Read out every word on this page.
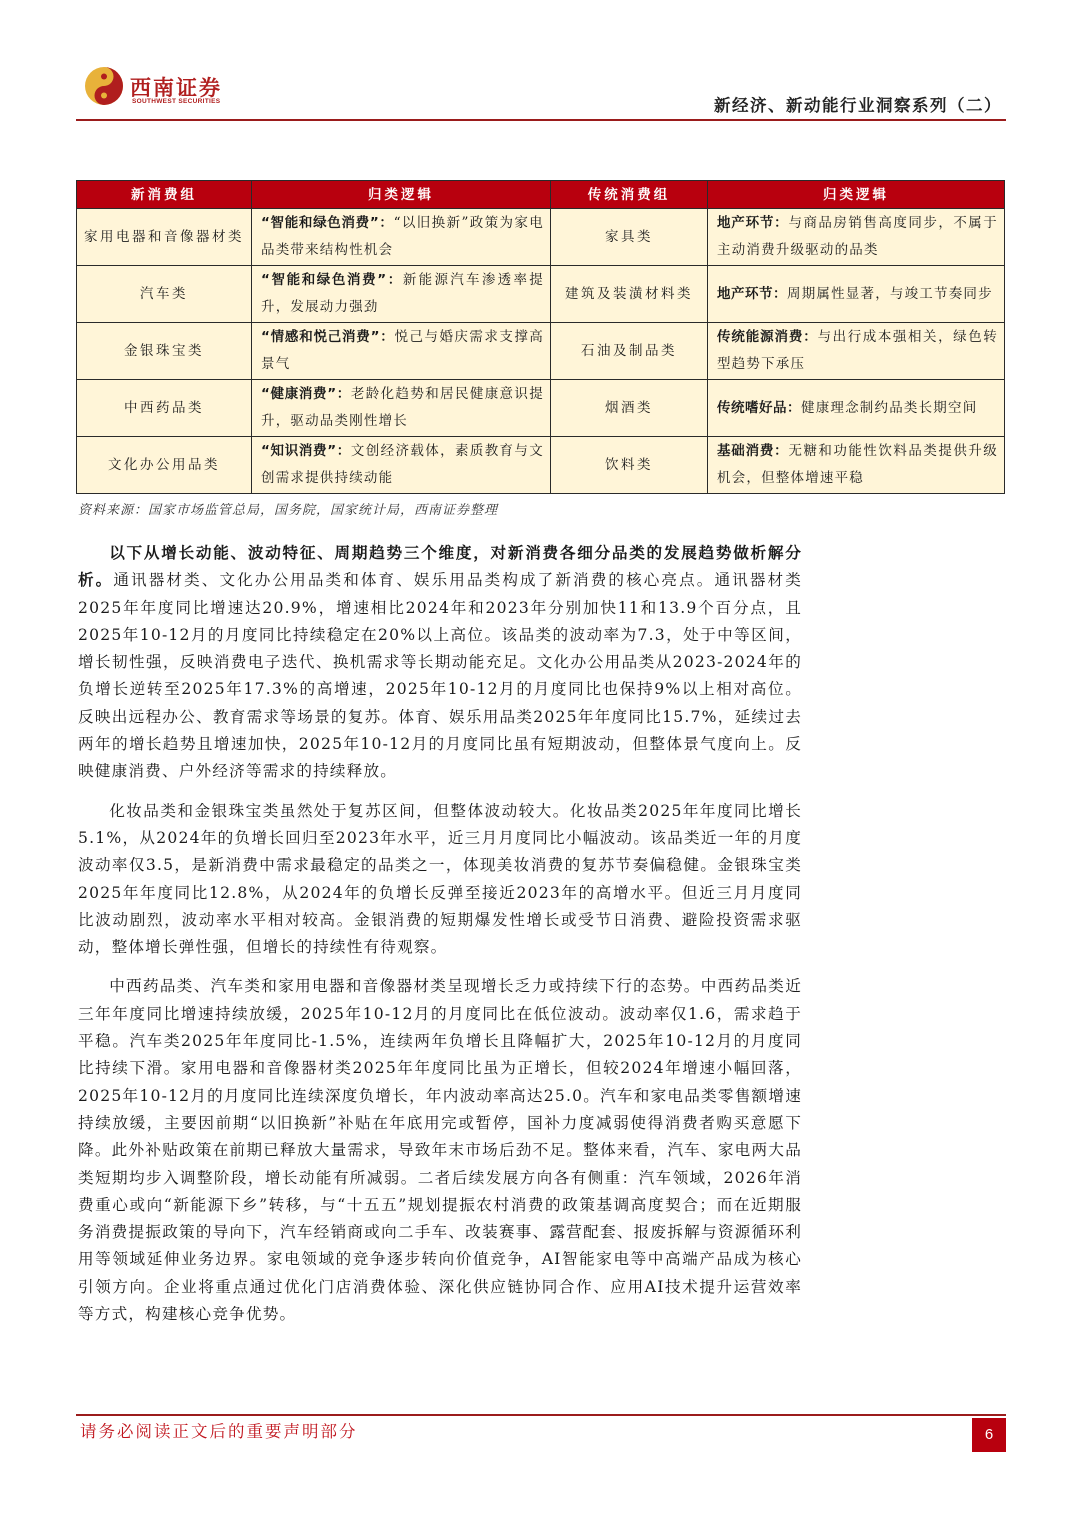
西南证券
SOUTHWEST SECURITIES	新经济、新动能行业洞察系列（二）
新消费组	归类逻辑	传统消费组	归类逻辑
家用电器和音像器材类	“智能和绿色消费”：“以旧换新”政策为家电品类带来结构性机会	家具类	地产环节：与商品房销售高度同步，不属于主动消费升级驱动的品类
汽车类	“智能和绿色消费”：新能源汽车渗透率提升，发展动力强劲	建筑及装潢材料类	地产环节：周期属性显著，与竣工节奏同步
金银珠宝类	“情感和悦己消费”：悦己与婚庆需求支撑高景气	石油及制品类	传统能源消费：与出行成本强相关，绿色转型趋势下承压
中西药品类	“健康消费”：老龄化趋势和居民健康意识提升，驱动品类刚性增长	烟酒类	传统嗜好品：健康理念制约品类长期空间
文化办公用品类	“知识消费”：文创经济载体，素质教育与文创需求提供持续动能	饮料类	基础消费：无糖和功能性饮料品类提供升级机会，但整体增速平稳
资料来源：国家市场监管总局，国务院，国家统计局，西南证券整理

以下从增长动能、波动特征、周期趋势三个维度，对新消费各细分品类的发展趋势做析解分析。通讯器材类、文化办公用品类和体育、娱乐用品类构成了新消费的核心亮点。通讯器材类2025年年度同比增速达20.9%，增速相比2024年和2023年分别加快11和13.9个百分点，且2025年10-12月的月度同比持续稳定在20%以上高位。该品类的波动率为7.3，处于中等区间，增长韧性强，反映消费电子迭代、换机需求等长期动能充足。文化办公用品类从2023-2024年的负增长逆转至2025年17.3%的高增速，2025年10-12月的月度同比也保持9%以上相对高位。反映出远程办公、教育需求等场景的复苏。体育、娱乐用品类2025年年度同比15.7%，延续过去两年的增长趋势且增速加快，2025年10-12月的月度同比虽有短期波动，但整体景气度向上。反映健康消费、户外经济等需求的持续释放。

化妆品类和金银珠宝类虽然处于复苏区间，但整体波动较大。化妆品类2025年年度同比增长5.1%，从2024年的负增长回归至2023年水平，近三月月度同比小幅波动。该品类近一年的月度波动率仅3.5，是新消费中需求最稳定的品类之一，体现美妆消费的复苏节奏偏稳健。金银珠宝类2025年年度同比12.8%，从2024年的负增长反弹至接近2023年的高增水平。但近三月月度同比波动剧烈，波动率水平相对较高。金银消费的短期爆发性增长或受节日消费、避险投资需求驱动，整体增长弹性强，但增长的持续性有待观察。

中西药品类、汽车类和家用电器和音像器材类呈现增长乏力或持续下行的态势。中西药品类近三年年度同比增速持续放缓，2025年10-12月的月度同比在低位波动。波动率仅1.6，需求趋于平稳。汽车类2025年年度同比-1.5%，连续两年负增长且降幅扩大，2025年10-12月的月度同比持续下滑。家用电器和音像器材类2025年年度同比虽为正增长，但较2024年增速小幅回落，2025年10-12月的月度同比连续深度负增长，年内波动率高达25.0。汽车和家电品类零售额增速持续放缓，主要因前期“以旧换新”补贴在年底用完或暂停，国补力度减弱使得消费者购买意愿下降。此外补贴政策在前期已释放大量需求，导致年末市场后劲不足。整体来看，汽车、家电两大品类短期均步入调整阶段，增长动能有所减弱。二者后续发展方向各有侧重：汽车领域，2026年消费重心或向“新能源下乡”转移，与“十五五”规划提振农村消费的政策基调高度契合；而在近期服务消费提振政策的导向下，汽车经销商或向二手车、改装赛事、露营配套、报废拆解与资源循环利用等领域延伸业务边界。家电领域的竞争逐步转向价值竞争，AI智能家电等中高端产品成为核心引领方向。企业将重点通过优化门店消费体验、深化供应链协同合作、应用AI技术提升运营效率等方式，构建核心竞争优势。

请务必阅读正文后的重要声明部分	6
